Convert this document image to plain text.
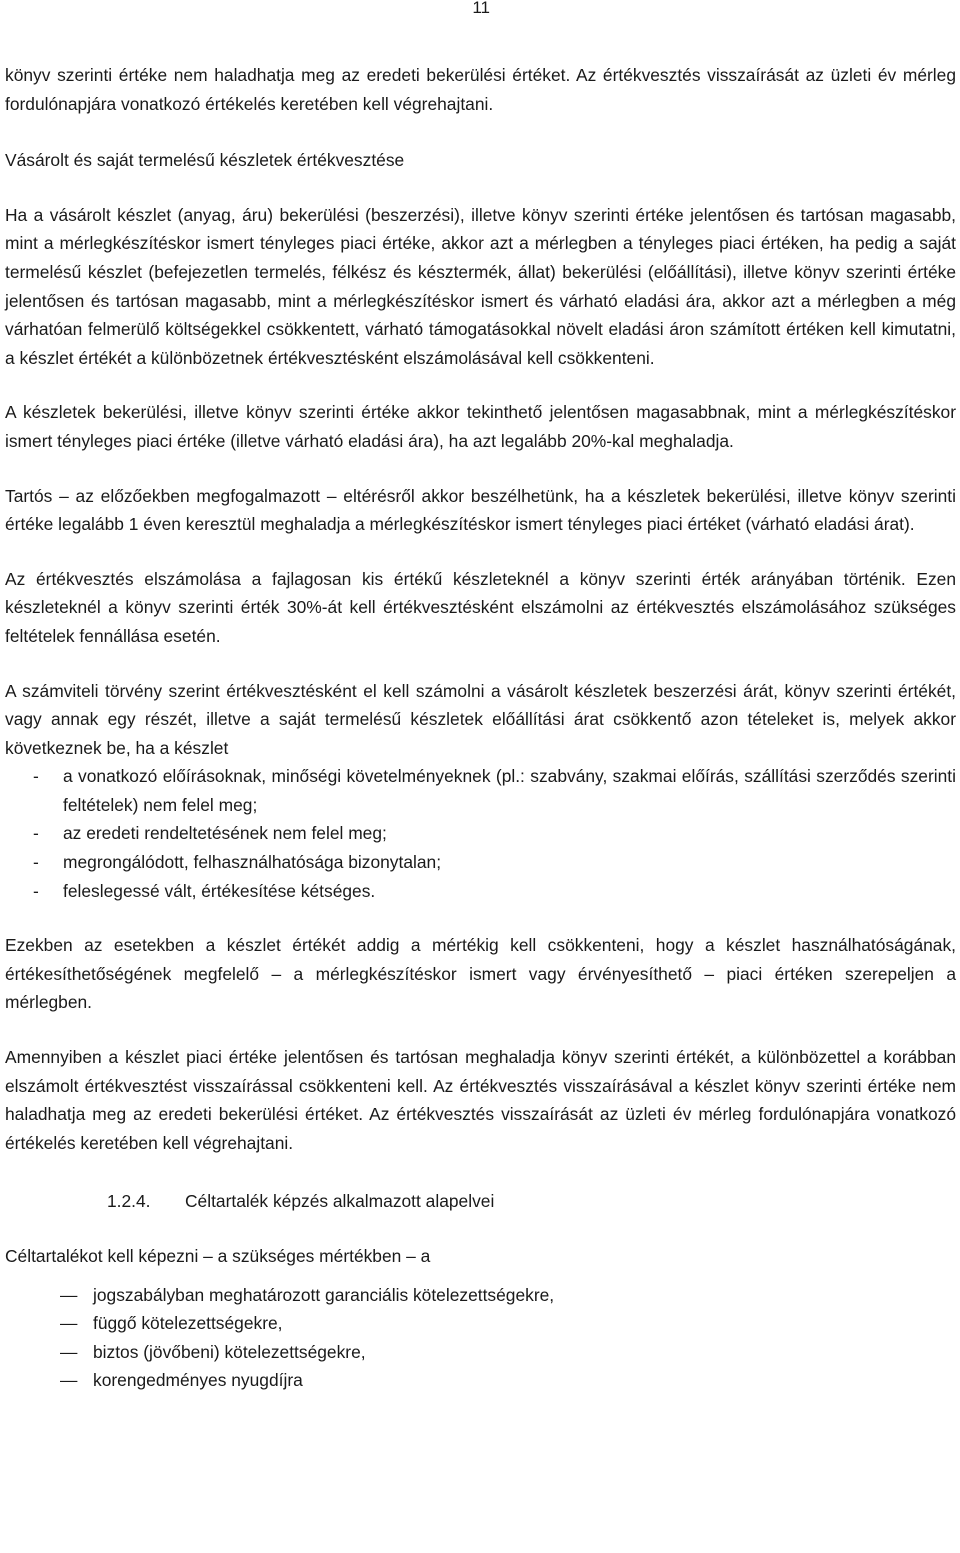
11

könyv szerinti értéke nem haladhatja meg az eredeti bekerülési értéket. Az értékvesztés visszaírását az üzleti év mérleg fordulónapjára vonatkozó értékelés keretében kell végrehajtani.

Vásárolt és saját termelésű készletek értékvesztése

Ha a vásárolt készlet (anyag, áru) bekerülési (beszerzési), illetve könyv szerinti értéke jelentősen és tartósan magasabb, mint a mérlegkészítéskor ismert tényleges piaci értéke, akkor azt a mérlegben a tényleges piaci értéken, ha pedig a saját termelésű készlet (befejezetlen termelés, félkész és késztermék, állat) bekerülési (előállítási), illetve könyv szerinti értéke jelentősen és tartósan magasabb, mint a mérlegkészítéskor ismert és várható eladási ára, akkor azt a mérlegben a még várhatóan felmerülő költségekkel csökkentett, várható támogatásokkal növelt eladási áron számított értéken kell kimutatni, a készlet értékét a különbözetnek értékvesztésként elszámolásával kell csökkenteni.

A készletek bekerülési, illetve könyv szerinti értéke akkor tekinthető jelentősen magasabbnak, mint a mérlegkészítéskor ismert tényleges piaci értéke (illetve várható eladási ára), ha azt legalább 20%-kal meghaladja.

Tartós – az előzőekben megfogalmazott – eltérésről akkor beszélhetünk, ha a készletek bekerülési, illetve könyv szerinti értéke legalább 1 éven keresztül meghaladja a mérlegkészítéskor ismert tényleges piaci értéket (várható eladási árat).

Az értékvesztés elszámolása a fajlagosan kis értékű készleteknél a könyv szerinti érték arányában történik. Ezen készleteknél a könyv szerinti érték 30%-át kell értékvesztésként elszámolni az értékvesztés elszámolásához szükséges feltételek fennállása esetén.

A számviteli törvény szerint értékvesztésként el kell számolni a vásárolt készletek beszerzési árát, könyv szerinti értékét, vagy annak egy részét, illetve a saját termelésű készletek előállítási árat csökkentő azon tételeket is, melyek akkor következnek be, ha a készlet

- a vonatkozó előírásoknak, minőségi követelményeknek (pl.: szabvány, szakmai előírás, szállítási szerződés szerinti feltételek) nem felel meg;
- az eredeti rendeltetésének nem felel meg;
- megrongálódott, felhasználhatósága bizonytalan;
- feleslegessé vált, értékesítése kétséges.

Ezekben az esetekben a készlet értékét addig a mértékig kell csökkenteni, hogy a készlet használhatóságának, értékesíthetőségének megfelelő – a mérlegkészítéskor ismert vagy érvényesíthető – piaci értéken szerepeljen a mérlegben.

Amennyiben a készlet piaci értéke jelentősen és tartósan meghaladja könyv szerinti értékét, a különbözettel a korábban elszámolt értékvesztést visszaírással csökkenteni kell. Az értékvesztés visszaírásával a készlet könyv szerinti értéke nem haladhatja meg az eredeti bekerülési értéket. Az értékvesztés visszaírását az üzleti év mérleg fordulónapjára vonatkozó értékelés keretében kell végrehajtani.

1.2.4. Céltartalék képzés alkalmazott alapelvei

Céltartalékot kell képezni – a szükséges mértékben – a

— jogszabályban meghatározott garanciális kötelezettségekre,
— függő kötelezettségekre,
— biztos (jövőbeni) kötelezettségekre,
— korengedményes nyugdíjra
